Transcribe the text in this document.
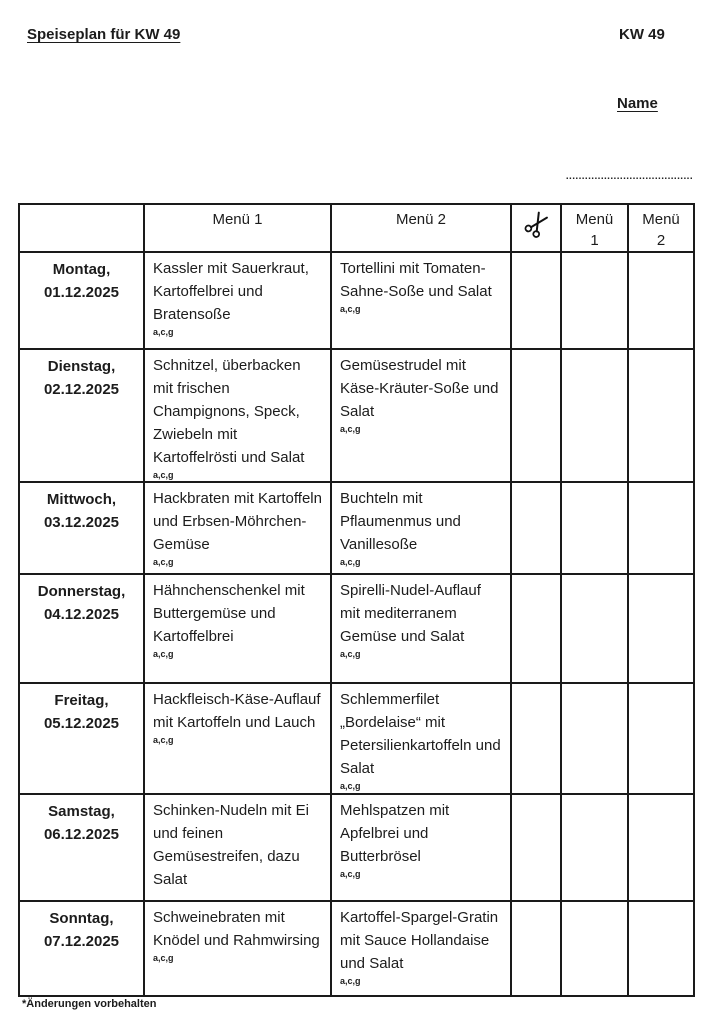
Speiseplan für KW 49	KW 49
Name
........................................
	Menü 1	Menü 2		Menü
1

Menü
2

Montag,
01.12.2025
	Kassler mit Sauerkraut, Kartoffelbrei und Bratensoße
a,c,g
	Tortellini mit Tomaten-Sahne-Soße und Salat
a,c,g

Dienstag,
02.12.2025
	Schnitzel, überbacken mit frischen Champignons, Speck, Zwiebeln mit Kartoffelrösti und Salat
a,c,g
	Gemüsestrudel mit Käse-Kräuter-Soße und Salat
a,c,g

Mittwoch,
03.12.2025
	Hackbraten mit Kartoffeln und Erbsen-Möhrchen-Gemüse
a,c,g
	Buchteln mit Pflaumenmus und Vanillesoße
a,c,g

Donnerstag,
04.12.2025
	Hähnchenschenkel mit Buttergemüse und Kartoffelbrei
a,c,g
	Spirelli-Nudel-Auflauf mit mediterranem Gemüse und Salat
a,c,g

Freitag,
05.12.2025
	Hackfleisch-Käse-Auflauf mit Kartoffeln und Lauch
a,c,g
	Schlemmerfilet „Bordelaise“ mit Petersilienkartoffeln und Salat
a,c,g

Samstag,
06.12.2025
	Schinken-Nudeln mit Ei und feinen Gemüsestreifen, dazu Salat
	Mehlspatzen mit Apfelbrei und Butterbrösel
a,c,g

Sonntag,
07.12.2025
	Schweinebraten mit Knödel und Rahmwirsing
a,c,g
	Kartoffel-Spargel-Gratin mit Sauce Hollandaise und Salat
a,c,g

*Änderungen vorbehalten
